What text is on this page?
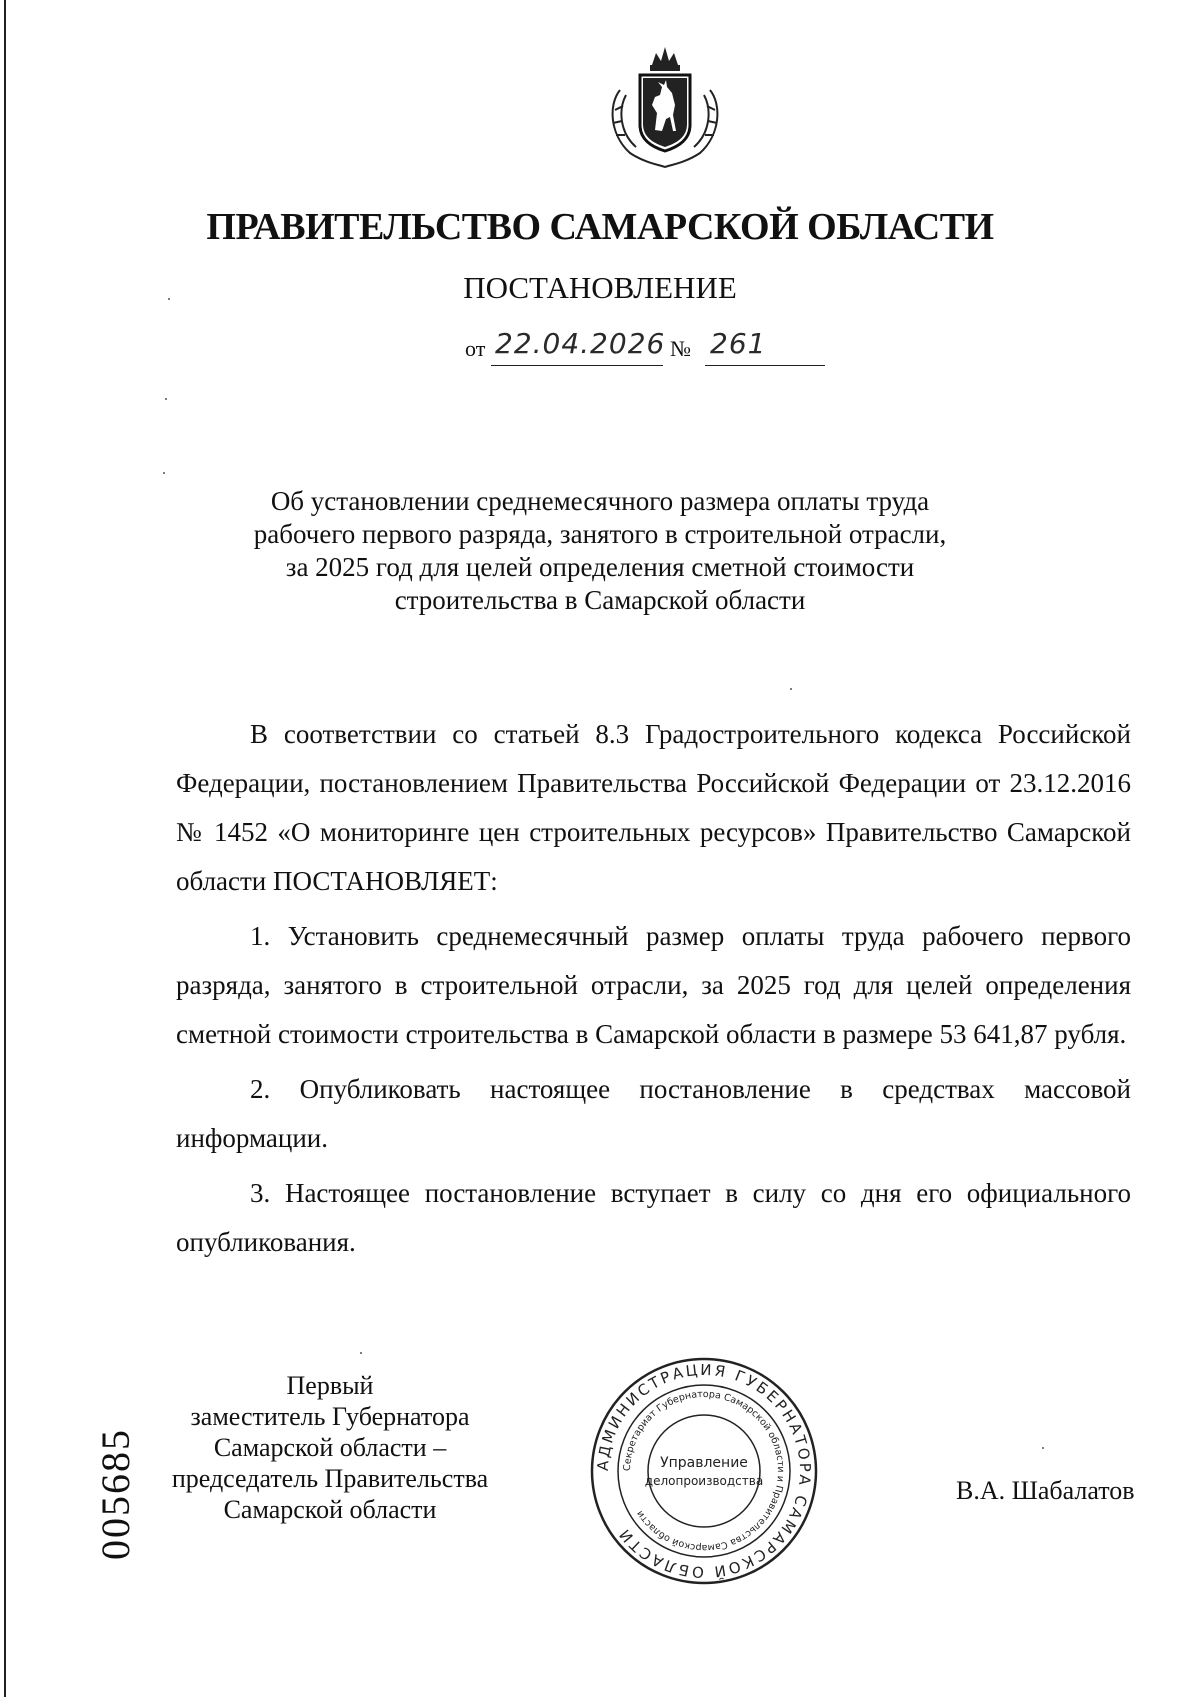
ПРАВИТЕЛЬСТВО САМАРСКОЙ ОБЛАСТИ
ПОСТАНОВЛЕНИЕ
от 22.04.2026 № 261
Об установлении среднемесячного размера оплаты труда
рабочего первого разряда, занятого в строительной отрасли,
за 2025 год для целей определения сметной стоимости
строительства в Самарской области

В соответствии со статьей 8.3 Градостроительного кодекса Российской Федерации, постановлением Правительства Российской Федерации от 23.12.2016 № 1452 «О мониторинге цен строительных ресурсов» Правительство Самарской области ПОСТАНОВЛЯЕТ:

1. Установить среднемесячный размер оплаты труда рабочего первого разряда, занятого в строительной отрасли, за 2025 год для целей определения сметной стоимости строительства в Самарской области в размере 53 641,87 рубля.

2. Опубликовать настоящее постановление в средствах массовой информации.

3. Настоящее постановление вступает в силу со дня его официального опубликования.

Первый
заместитель Губернатора
Самарской области –
председатель Правительства
Самарской области
АДМИНИСТРАЦИЯ ГУБЕРНАТОРА САМАРСКОЙ ОБЛАСТИ
Секретариат Губернатора Самарской области и Правительства Самарской области
Управление
делопроизводства	В.А. Шабалатов
005685
